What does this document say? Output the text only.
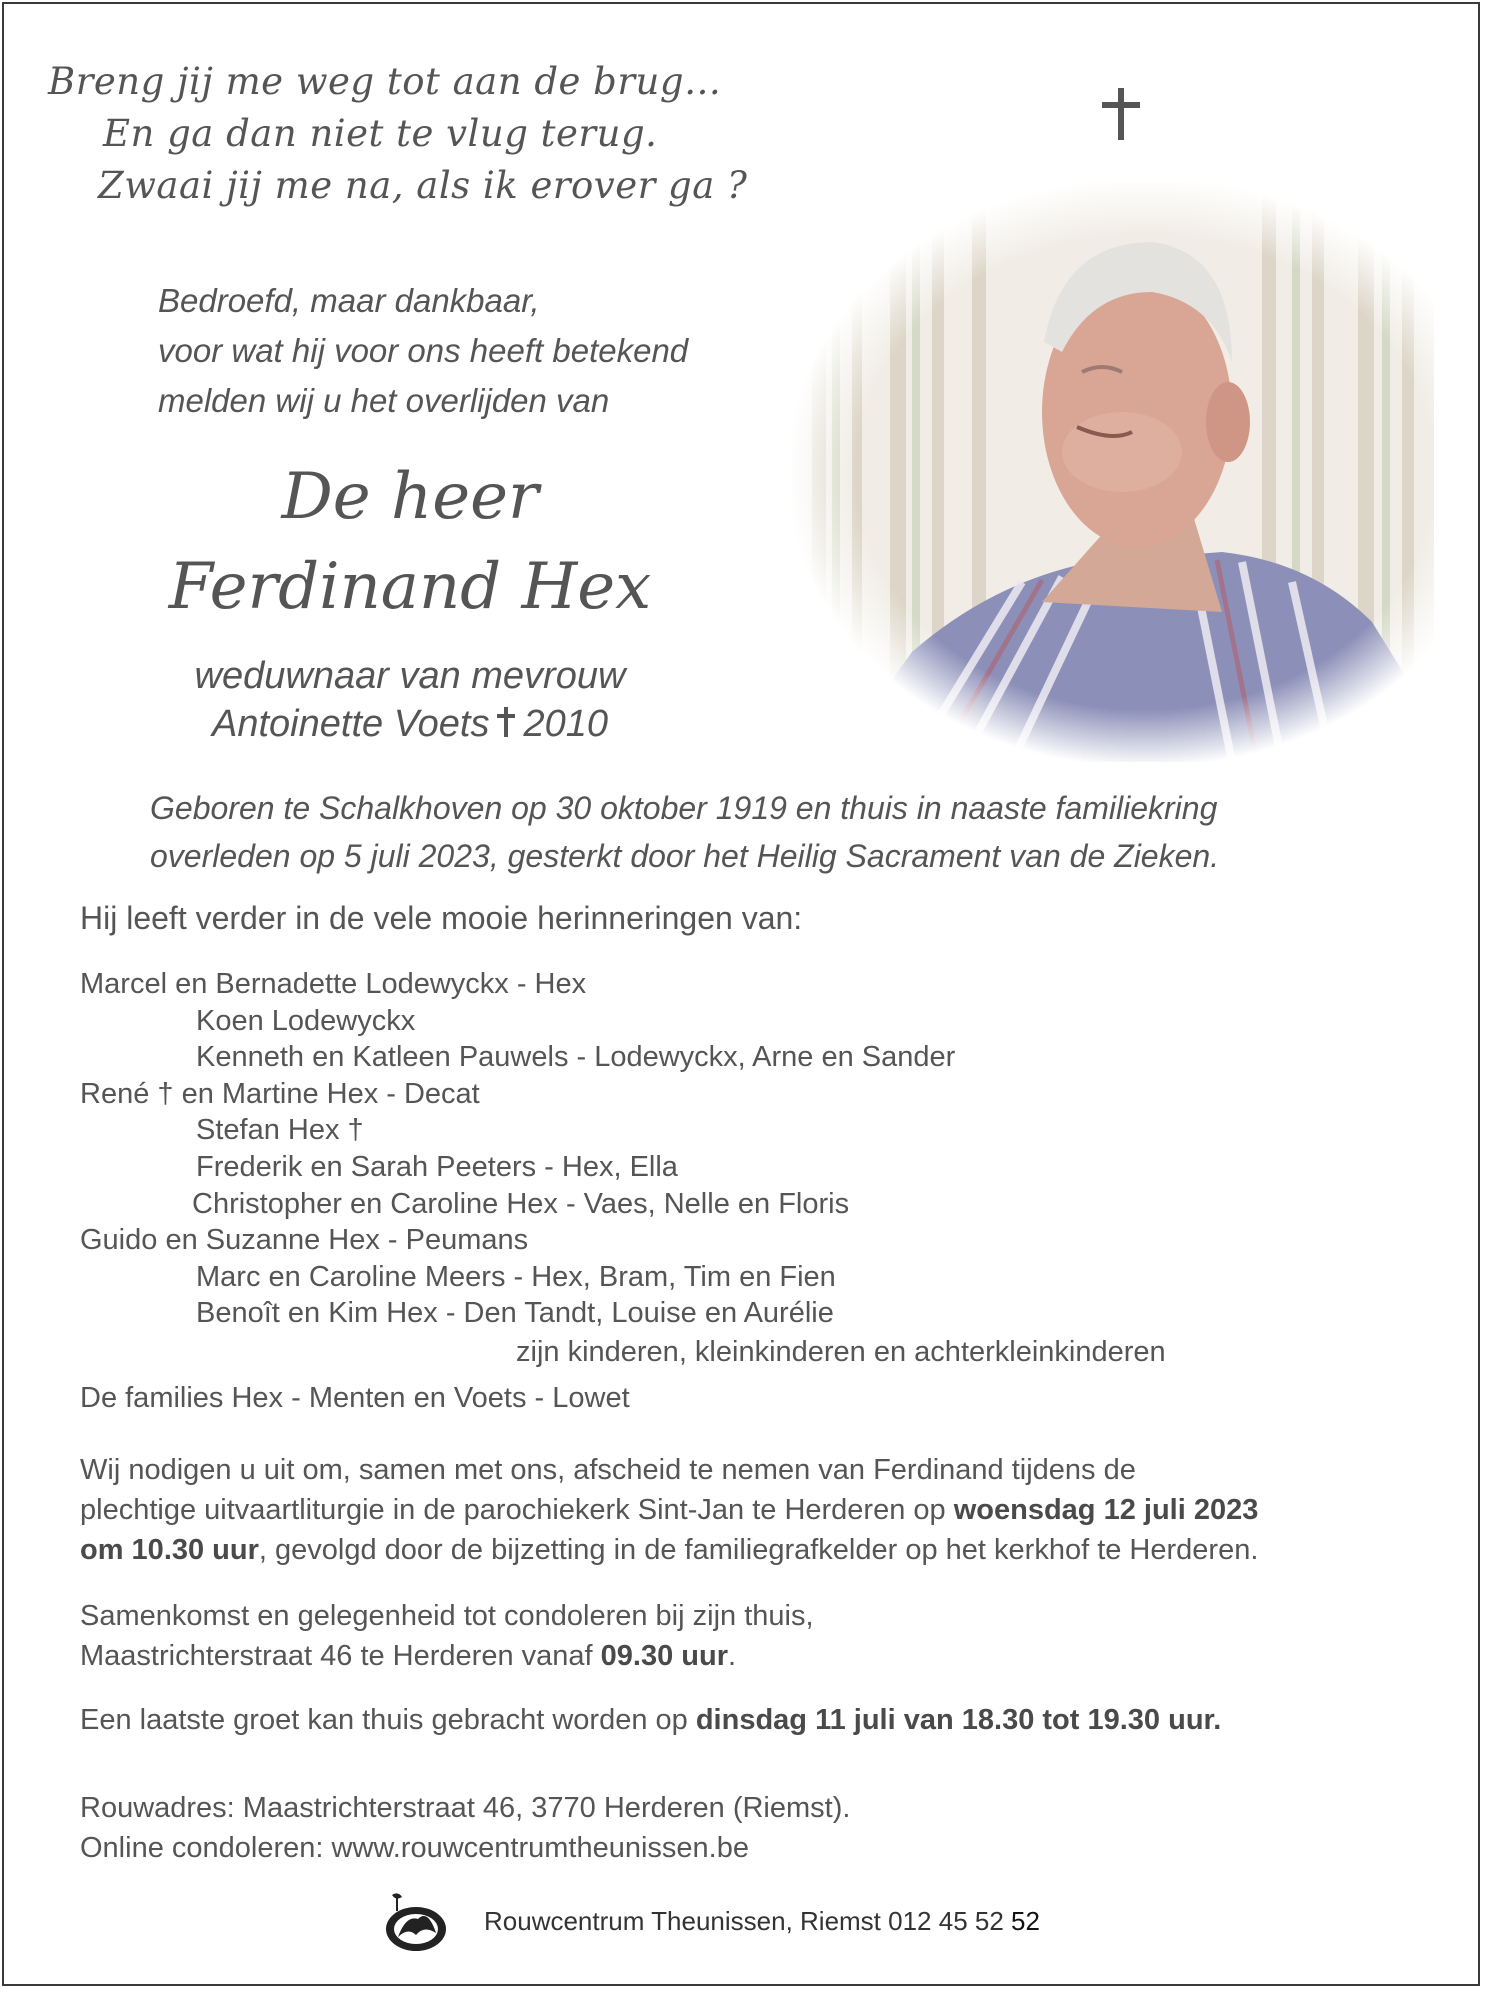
Breng jij me weg tot aan de brug…
En ga dan niet te vlug terug.
Zwaai jij me na, als ik erover ga ?
Bedroefd, maar dankbaar,
voor wat hij voor ons heeft betekend
melden wij u het overlijden van
De heer
Ferdinand Hex
weduwnaar van mevrouw
Antoinette Voets 2010
Geboren te Schalkhoven op 30 oktober 1919 en thuis in naaste familiekring
overleden op 5 juli 2023, gesterkt door het Heilig Sacrament van de Zieken.
Hij leeft verder in de vele mooie herinneringen van:
Marcel en Bernadette Lodewyckx - Hex
Koen Lodewyckx
Kenneth en Katleen Pauwels - Lodewyckx, Arne en Sander
René † en Martine Hex - Decat
Stefan Hex †
Frederik en Sarah Peeters - Hex, Ella
Christopher en Caroline Hex - Vaes, Nelle en Floris
Guido en Suzanne Hex - Peumans
Marc en Caroline Meers - Hex, Bram, Tim en Fien
Benoît en Kim Hex - Den Tandt, Louise en Aurélie
zijn kinderen, kleinkinderen en achterkleinkinderen
De families Hex - Menten en Voets - Lowet
Wij nodigen u uit om, samen met ons, afscheid te nemen van Ferdinand tijdens de
plechtige uitvaartliturgie in de parochiekerk Sint-Jan te Herderen op woensdag 12 juli 2023
om 10.30 uur, gevolgd door de bijzetting in de familiegrafkelder op het kerkhof te Herderen.
Samenkomst en gelegenheid tot condoleren bij zijn thuis,
Maastrichterstraat 46 te Herderen vanaf 09.30 uur.
Een laatste groet kan thuis gebracht worden op dinsdag 11 juli van 18.30 tot 19.30 uur.
Rouwadres: Maastrichterstraat 46, 3770 Herderen (Riemst).
Online condoleren: www.rouwcentrumtheunissen.be
Rouwcentrum Theunissen, Riemst 012 45 52 52
